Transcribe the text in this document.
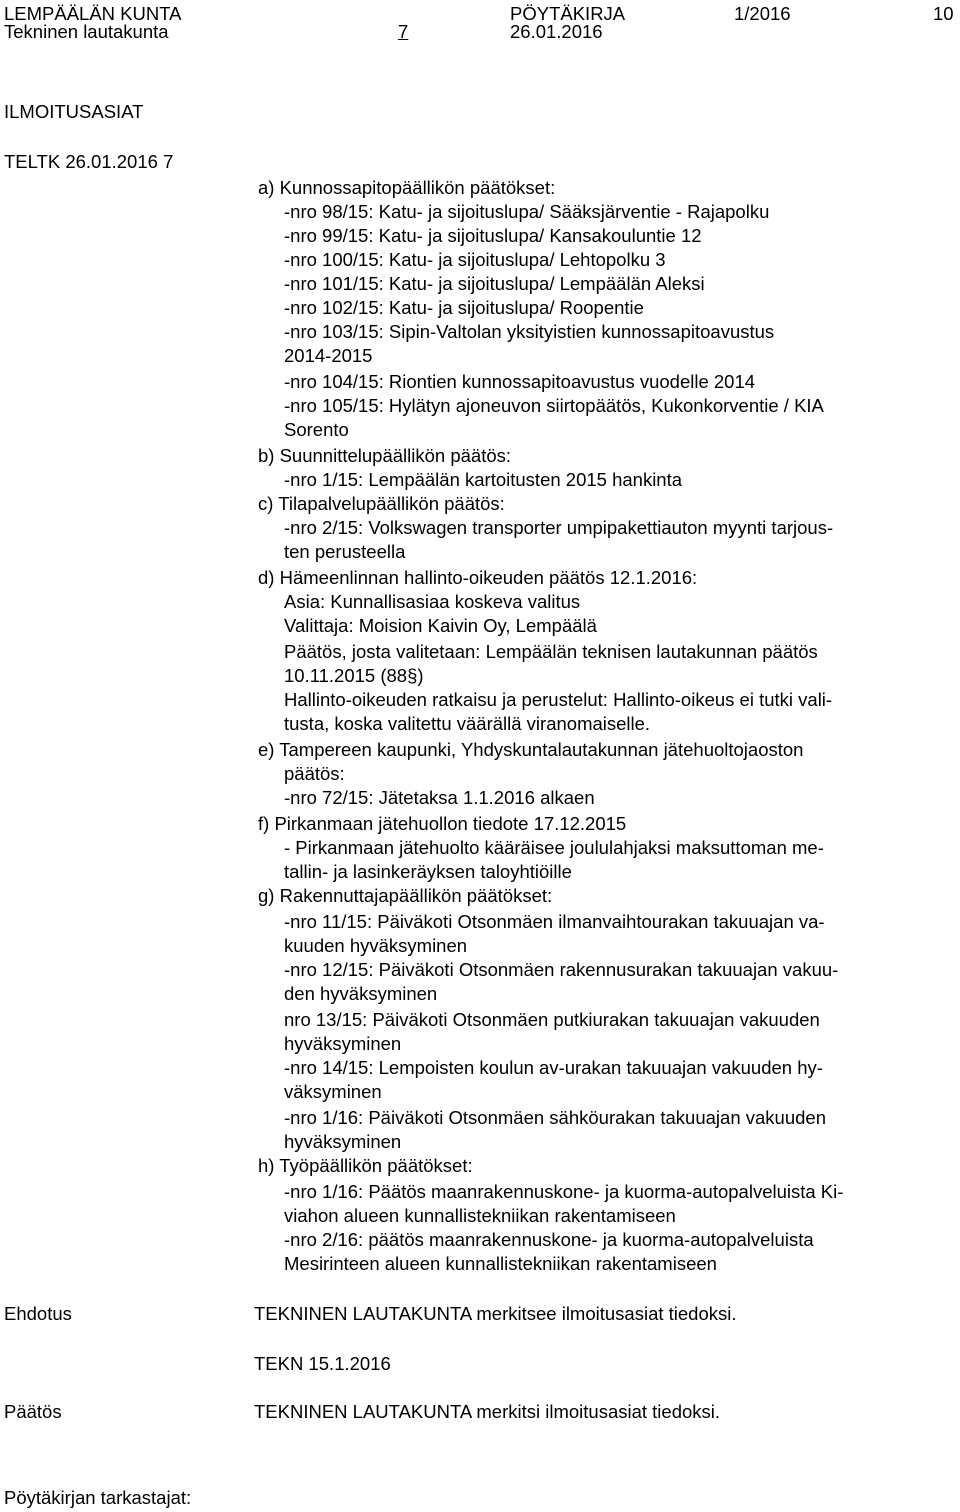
LEMPÄÄLÄN KUNTA	PÖYTÄKIRJA	1/2016	10
Tekninen lautakunta	7	26.01.2016
ILMOITUSASIAT
TELTK 26.01.2016 7
a) Kunnossapitopäällikön päätökset:
-nro 98/15: Katu- ja sijoituslupa/ Sääksjärventie - Rajapolku
-nro 99/15: Katu- ja sijoituslupa/ Kansakouluntie 12
-nro 100/15: Katu- ja sijoituslupa/ Lehtopolku 3
-nro 101/15: Katu- ja sijoituslupa/ Lempäälän Aleksi
-nro 102/15: Katu- ja sijoituslupa/ Roopentie
-nro 103/15: Sipin-Valtolan yksityistien kunnossapitoavustus
2014-2015
-nro 104/15: Riontien kunnossapitoavustus vuodelle 2014
-nro 105/15: Hylätyn ajoneuvon siirtopäätös, Kukonkorventie / KIA
Sorento
b) Suunnittelupäällikön päätös:
-nro 1/15: Lempäälän kartoitusten 2015 hankinta
c) Tilapalvelupäällikön päätös:
-nro 2/15: Volkswagen transporter umpipakettiauton myynti tarjous-
ten perusteella
d) Hämeenlinnan hallinto-oikeuden päätös 12.1.2016:
Asia: Kunnallisasiaa koskeva valitus
Valittaja: Moision Kaivin Oy, Lempäälä
Päätös, josta valitetaan: Lempäälän teknisen lautakunnan päätös
10.11.2015 (88§)
Hallinto-oikeuden ratkaisu ja perustelut: Hallinto-oikeus ei tutki vali-
tusta, koska valitettu väärällä viranomaiselle.
e) Tampereen kaupunki, Yhdyskuntalautakunnan jätehuoltojaoston
päätös:
-nro 72/15: Jätetaksa 1.1.2016 alkaen
f) Pirkanmaan jätehuollon tiedote 17.12.2015
- Pirkanmaan jätehuolto kääräisee joululahjaksi maksuttoman me-
tallin- ja lasinkeräyksen taloyhtiöille
g) Rakennuttajapäällikön päätökset:
-nro 11/15: Päiväkoti Otsonmäen ilmanvaihtourakan takuuajan va-
kuuden hyväksyminen
-nro 12/15: Päiväkoti Otsonmäen rakennusurakan takuuajan vakuu-
den hyväksyminen
nro 13/15: Päiväkoti Otsonmäen putkiurakan takuuajan vakuuden
hyväksyminen
-nro 14/15: Lempoisten koulun av-urakan takuuajan vakuuden hy-
väksyminen
-nro 1/16: Päiväkoti Otsonmäen sähköurakan takuuajan vakuuden
hyväksyminen
h) Työpäällikön päätökset:
-nro 1/16: Päätös maanrakennuskone- ja kuorma-autopalveluista Ki-
viahon alueen kunnallistekniikan rakentamiseen
-nro 2/16: päätös maanrakennuskone- ja kuorma-autopalveluista
Mesirinteen alueen kunnallistekniikan rakentamiseen
Ehdotus	TEKNINEN LAUTAKUNTA merkitsee ilmoitusasiat tiedoksi.
TEKN 15.1.2016
Päätös	TEKNINEN LAUTAKUNTA merkitsi ilmoitusasiat tiedoksi.
Pöytäkirjan tarkastajat:
